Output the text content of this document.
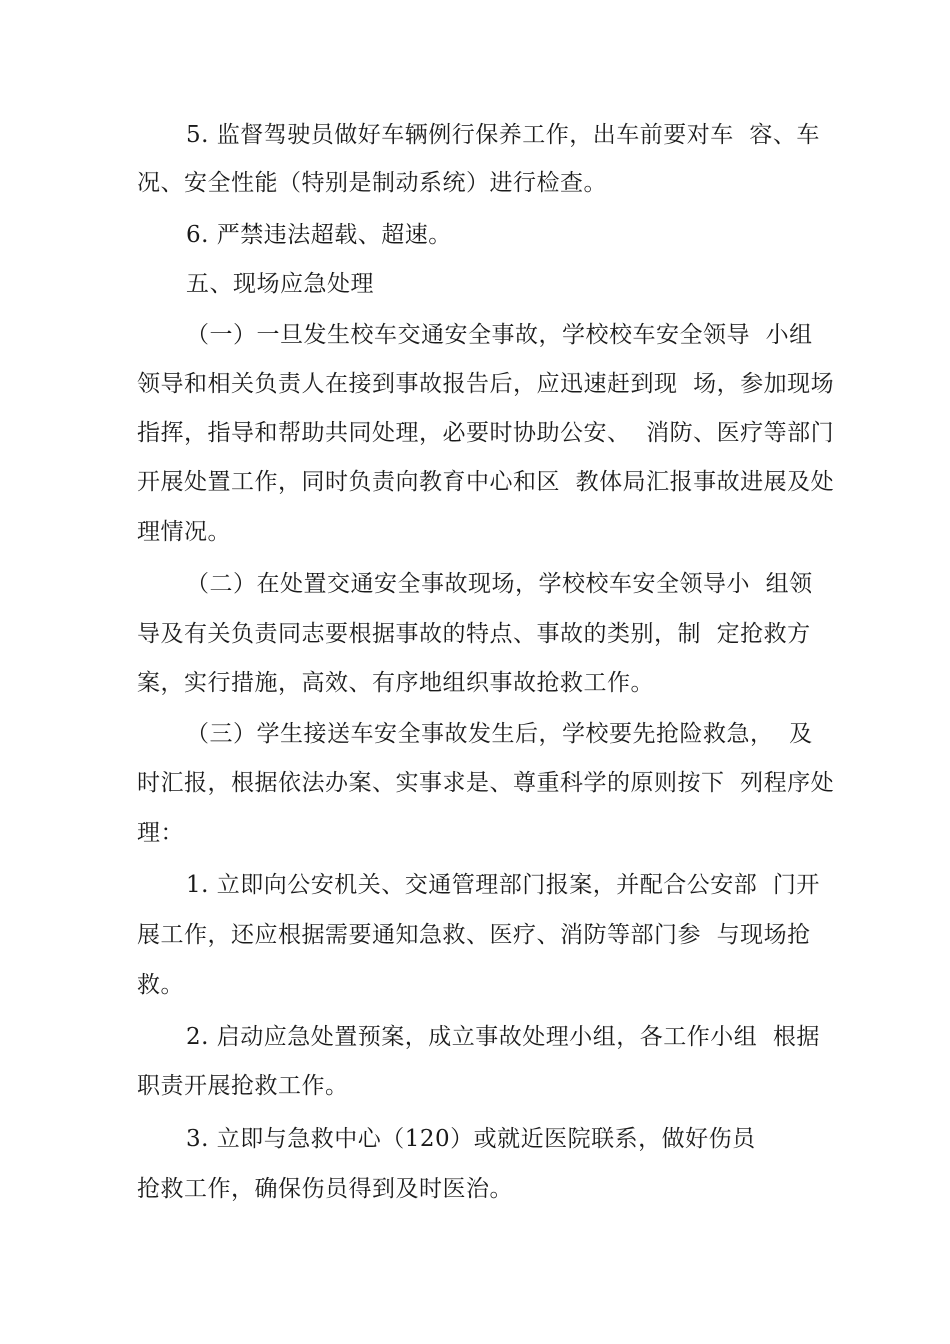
5. 监督驾驶员做好车辆例行保养工作，出车前要对车  容、车
况、安全性能（特别是制动系统）进行检查。
6. 严禁违法超载、超速。
五、现场应急处理
（一）一旦发生校车交通安全事故，学校校车安全领导  小组
领导和相关负责人在接到事故报告后，应迅速赶到现  场，参加现场
指挥，指导和帮助共同处理，必要时协助公安、  消防、医疗等部门
开展处置工作，同时负责向教育中心和区  教体局汇报事故进展及处
理情况。
（二）在处置交通安全事故现场，学校校车安全领导小  组领
导及有关负责同志要根据事故的特点、事故的类别，制  定抢救方
案，实行措施，高效、有序地组织事故抢救工作。
（三）学生接送车安全事故发生后，学校要先抢险救急，  及
时汇报，根据依法办案、实事求是、尊重科学的原则按下  列程序处
理：
1. 立即向公安机关、交通管理部门报案，并配合公安部  门开
展工作，还应根据需要通知急救、医疗、消防等部门参  与现场抢
救。
2. 启动应急处置预案，成立事故处理小组，各工作小组  根据
职责开展抢救工作。
3. 立即与急救中心（120）或就近医院联系，做好伤员
抢救工作，确保伤员得到及时医治。
